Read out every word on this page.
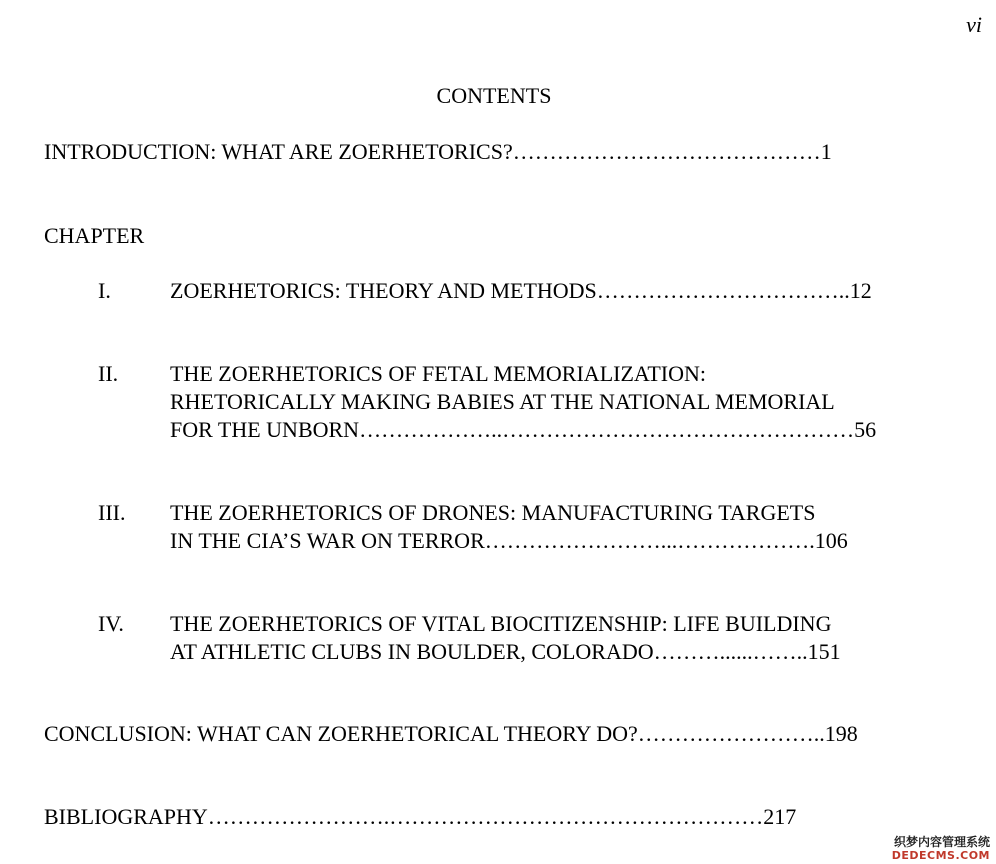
vi
CONTENTS
INTRODUCTION: WHAT ARE ZOERHETORICS?……………………………………1
CHAPTER
I.	ZOERHETORICS: THEORY AND METHODS……………………………..12
II. THE ZOERHETORICS OF FETAL MEMORIALIZATION:
RHETORICALLY MAKING BABIES AT THE NATIONAL MEMORIAL
FOR THE UNBORN………………..…………………………………………56
III. THE ZOERHETORICS OF DRONES: MANUFACTURING TARGETS
IN THE CIA’S WAR ON TERROR……………………...……………….106
IV. THE ZOERHETORICS OF VITAL BIOCITIZENSHIP: LIFE BUILDING
AT ATHLETIC CLUBS IN BOULDER, COLORADO………......……..151
CONCLUSION: WHAT CAN ZOERHETORICAL THEORY DO?……………………..198
BIBLIOGRAPHY…………………….……………………………………………217
织梦内容管理系统
DEDECMS.COM
